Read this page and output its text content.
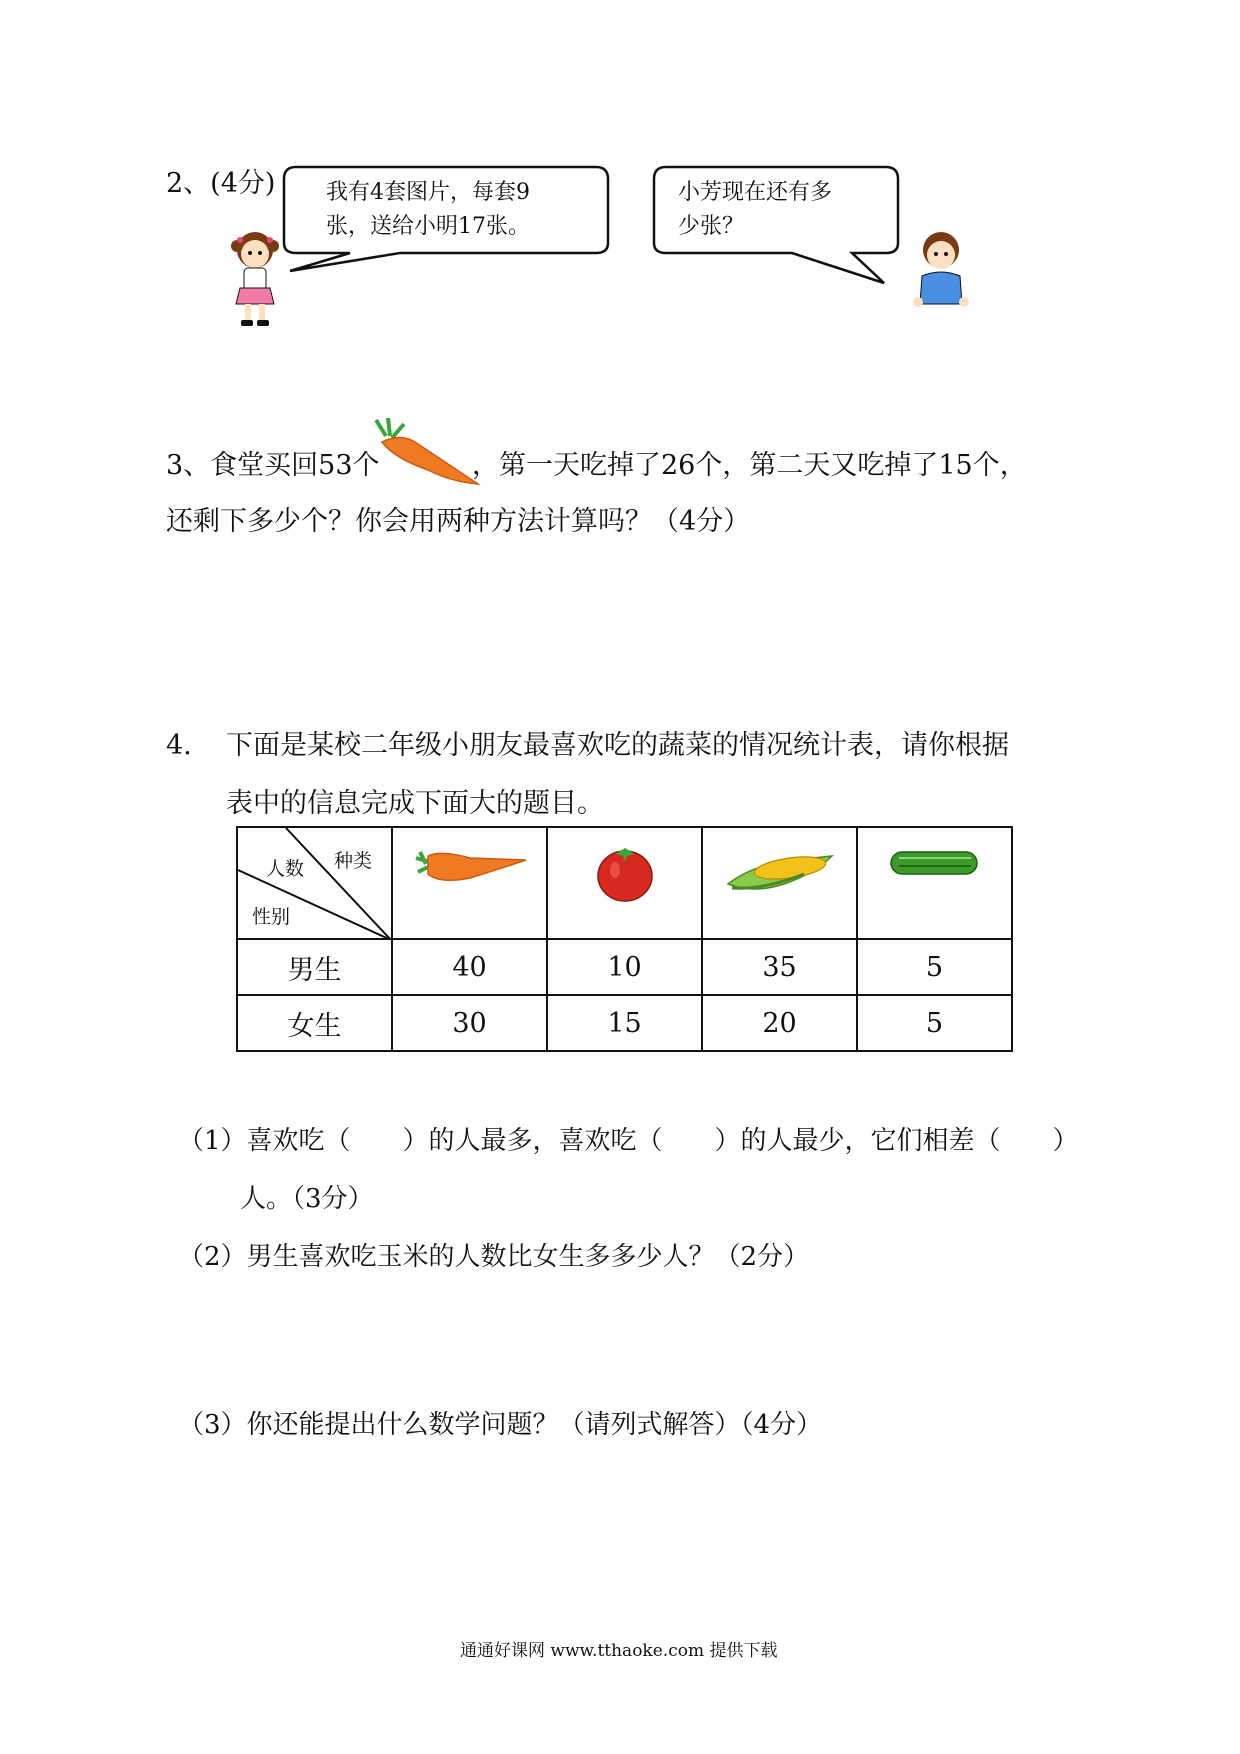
2、(4分) 我有4套图片，每套9
张，送给小明17张。
小芳现在还有多
少张？
3、食堂买回53个	，第一天吃掉了26个，第二天又吃掉了15个，
还剩下多少个？你会用两种方法计算吗？（4分）
4. 下面是某校二年级小朋友最喜欢吃的蔬菜的情况统计表，请你根据
表中的信息完成下面大的题目。
种类
人数
性别

男生	40	10	35	5
女生	30	15	20	5
（1）喜欢吃（　　）的人最多，喜欢吃（　　）的人最少，它们相差（　　）
人。（3分）
（2）男生喜欢吃玉米的人数比女生多多少人？（2分）
（3）你还能提出什么数学问题？（请列式解答）（4分）
通通好课网 www.tthaoke.com 提供下载
